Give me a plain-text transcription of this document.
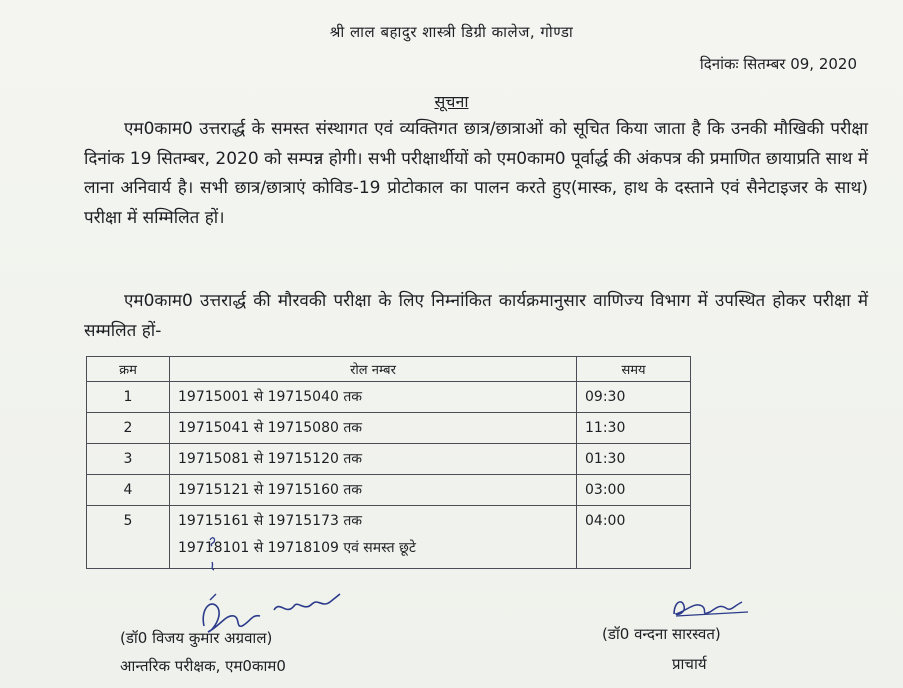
श्री लाल बहादुर शास्त्री डिग्री कालेज, गोण्डा
दिनांकः सितम्बर 09, 2020
सूचना

एम0काम0 उत्तरार्द्ध के समस्त संस्थागत एवं व्यक्तिगत छात्र/छात्राओं को सूचित किया जाता है कि उनकी मौखिकी परीक्षा दिनांक 19 सितम्बर, 2020 को सम्पन्न होगी। सभी परीक्षार्थीयों को एम0काम0 पूर्वार्द्ध की अंकपत्र की प्रमाणित छायाप्रति साथ में लाना अनिवार्य है। सभी छात्र/छात्राएं कोविड-19 प्रोटोकाल का पालन करते हुए(मास्क, हाथ के दस्ताने एवं सैनेटाइजर के साथ) परीक्षा में सम्मिलित हों।

एम0काम0 उत्तरार्द्ध की मौरवकी परीक्षा के लिए निम्नांकित कार्यक्रमानुसार वाणिज्य विभाग में उपस्थित होकर परीक्षा में सम्मलित हों-

क्रम	रोल नम्बर	समय
1	19715001 से 19715040 तक	09:30
2	19715041 से 19715080 तक	11:30
3	19715081 से 19715120 तक	01:30
4	19715121 से 19715160 तक	03:00
5	19715161 से 19715173 तक
19718101 से 19718109 एवं समस्त छूटे	04:00
(डॉ0 विजय कुमार अग्रवाल)
आन्तरिक परीक्षक, एम0काम0
(डॉ0 वन्दना सारस्वत)
प्राचार्य
